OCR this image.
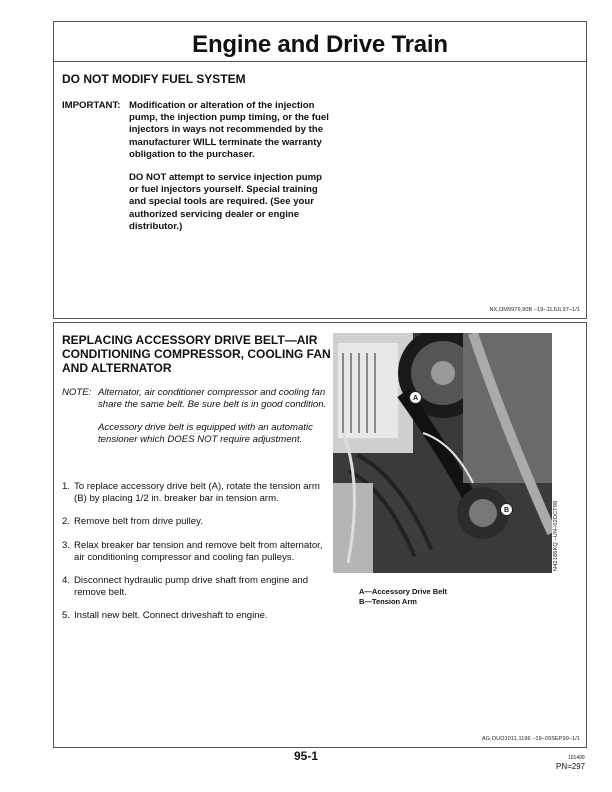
Engine and Drive Train
DO NOT MODIFY FUEL SYSTEM
IMPORTANT: Modification or alteration of the injection pump, the injection pump timing, or the fuel injectors in ways not recommended by the manufacturer WILL terminate the warranty obligation to the purchaser.

DO NOT attempt to service injection pump or fuel injectors yourself. Special training and special tools are required. (See your authorized servicing dealer or engine distributor.)

NX,OM9976,90B –19–11JUL97–1/1
REPLACING ACCESSORY DRIVE BELT—AIR CONDITIONING COMPRESSOR, COOLING FAN AND ALTERNATOR
NOTE: Alternator, air conditioner compressor and cooling fan share the same belt. Be sure belt is in good condition.

Accessory drive belt is equipped with an automatic tensioner which DOES NOT require adjustment.

1. To replace accessory drive belt (A), rotate the tension arm (B) by placing 1/2 in. breaker bar in tension arm.
2. Remove belt from drive pulley.
3. Relax breaker bar tension and remove belt from alternator, air conditioning compressor and cooling fan pulleys.
4. Disconnect hydraulic pump drive shaft from engine and remove belt.
5. Install new belt. Connect driveshaft to engine.
A
B	N42186KQ –UN–02DCT98
A—Accessory Drive Belt
B—Tension Arm
AG,OUO1011,1196 –19–09SEP99–1/1
95-1	101499
PN=297
